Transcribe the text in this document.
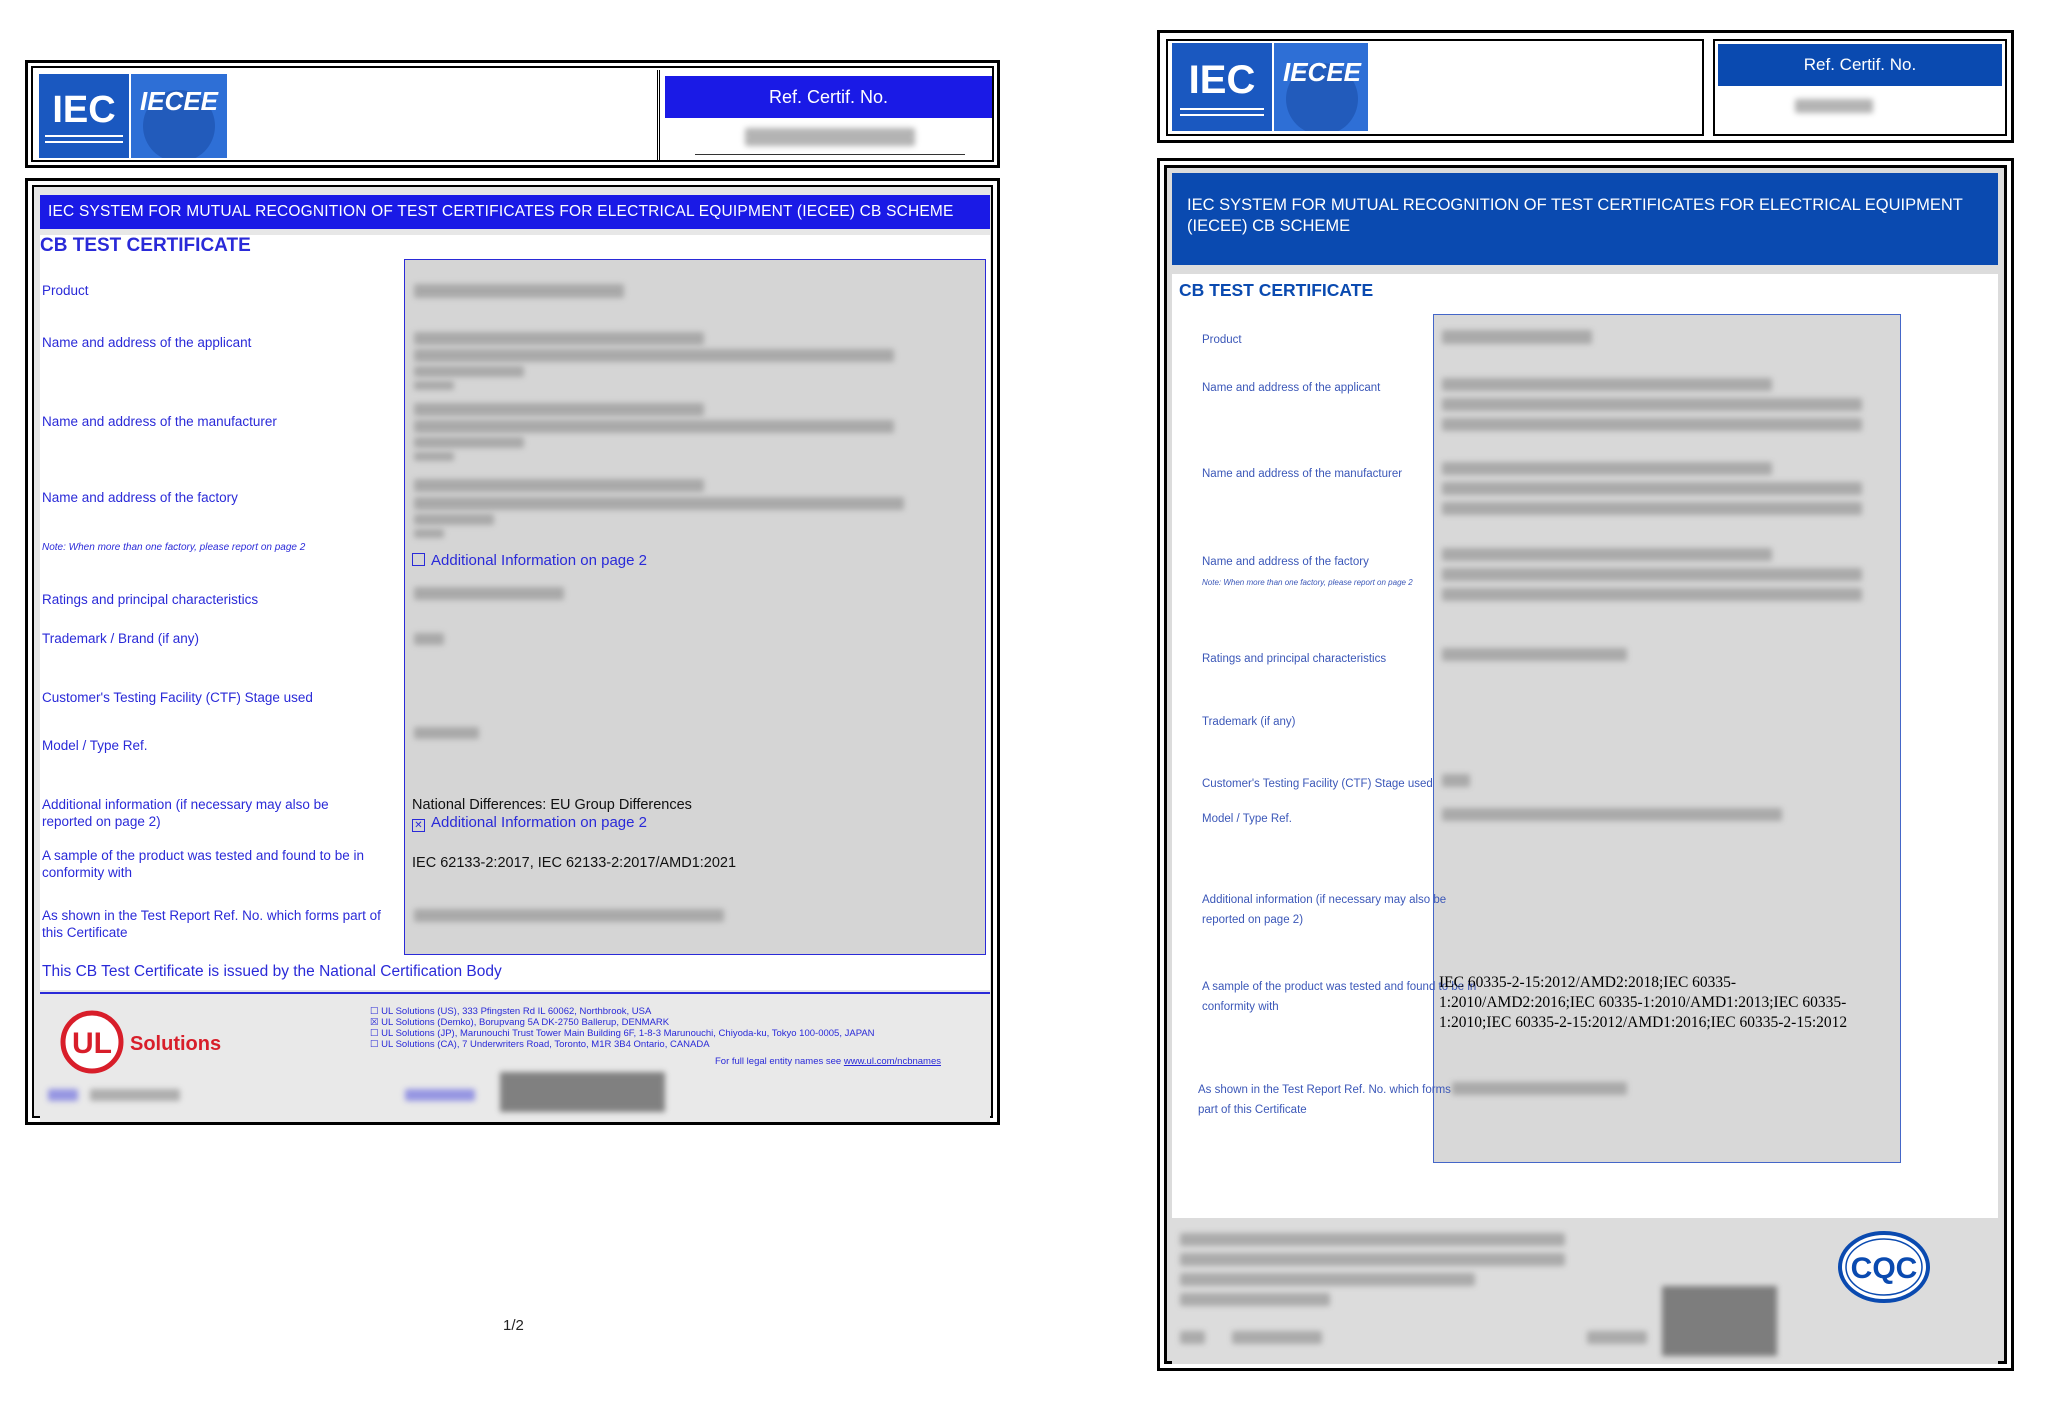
IEC IECEE	Ref. Certif. No.
IEC SYSTEM FOR MUTUAL RECOGNITION OF TEST CERTIFICATES FOR ELECTRICAL EQUIPMENT (IECEE) CB SCHEME
CB TEST CERTIFICATE
Product
Name and address of the applicant
Name and address of the manufacturer
Name and address of the factory
Note: When more than one factory, please report on page 2
Additional Information on page 2
Ratings and principal characteristics
Trademark / Brand (if any)
Customer's Testing Facility (CTF) Stage used
Model / Type Ref.
Additional information (if necessary may also be reported on page 2)
National Differences: EU Group Differences
✕ Additional Information on page 2
A sample of the product was tested and found to be in conformity with
IEC 62133-2:2017, IEC 62133-2:2017/AMD1:2021
As shown in the Test Report Ref. No. which forms part of this Certificate
This CB Test Certificate is issued by the National Certification Body
UL Solutions
☐ UL Solutions (US), 333 Pfingsten Rd IL 60062, Northbrook, USA
☒ UL Solutions (Demko), Borupvang 5A DK-2750 Ballerup, DENMARK
☐ UL Solutions (JP), Marunouchi Trust Tower Main Building 6F, 1-8-3 Marunouchi, Chiyoda-ku, Tokyo 100-0005, JAPAN
☐ UL Solutions (CA), 7 Underwriters Road, Toronto, M1R 3B4 Ontario, CANADA
For full legal entity names see www.ul.com/ncbnames
1/2
IEC IECEE	Ref. Certif. No.
IEC SYSTEM FOR MUTUAL RECOGNITION OF TEST CERTIFICATES FOR ELECTRICAL EQUIPMENT (IECEE) CB SCHEME
CB TEST CERTIFICATE
Product
Name and address of the applicant
Name and address of the manufacturer
Name and address of the factory
Note: When more than one factory, please report on page 2
Ratings and principal characteristics
Trademark (if any)
Customer's Testing Facility (CTF) Stage used
Model / Type Ref.
Additional information (if necessary may also be reported on page 2)
A sample of the product was tested and found to be in conformity with
IEC 60335-2-15:2012/AMD2:2018;IEC 60335-1:2010/AMD2:2016;IEC 60335-1:2010/AMD1:2013;IEC 60335-1:2010;IEC 60335-2-15:2012/AMD1:2016;IEC 60335-2-15:2012
As shown in the Test Report Ref. No. which forms part of this Certificate
CQC
